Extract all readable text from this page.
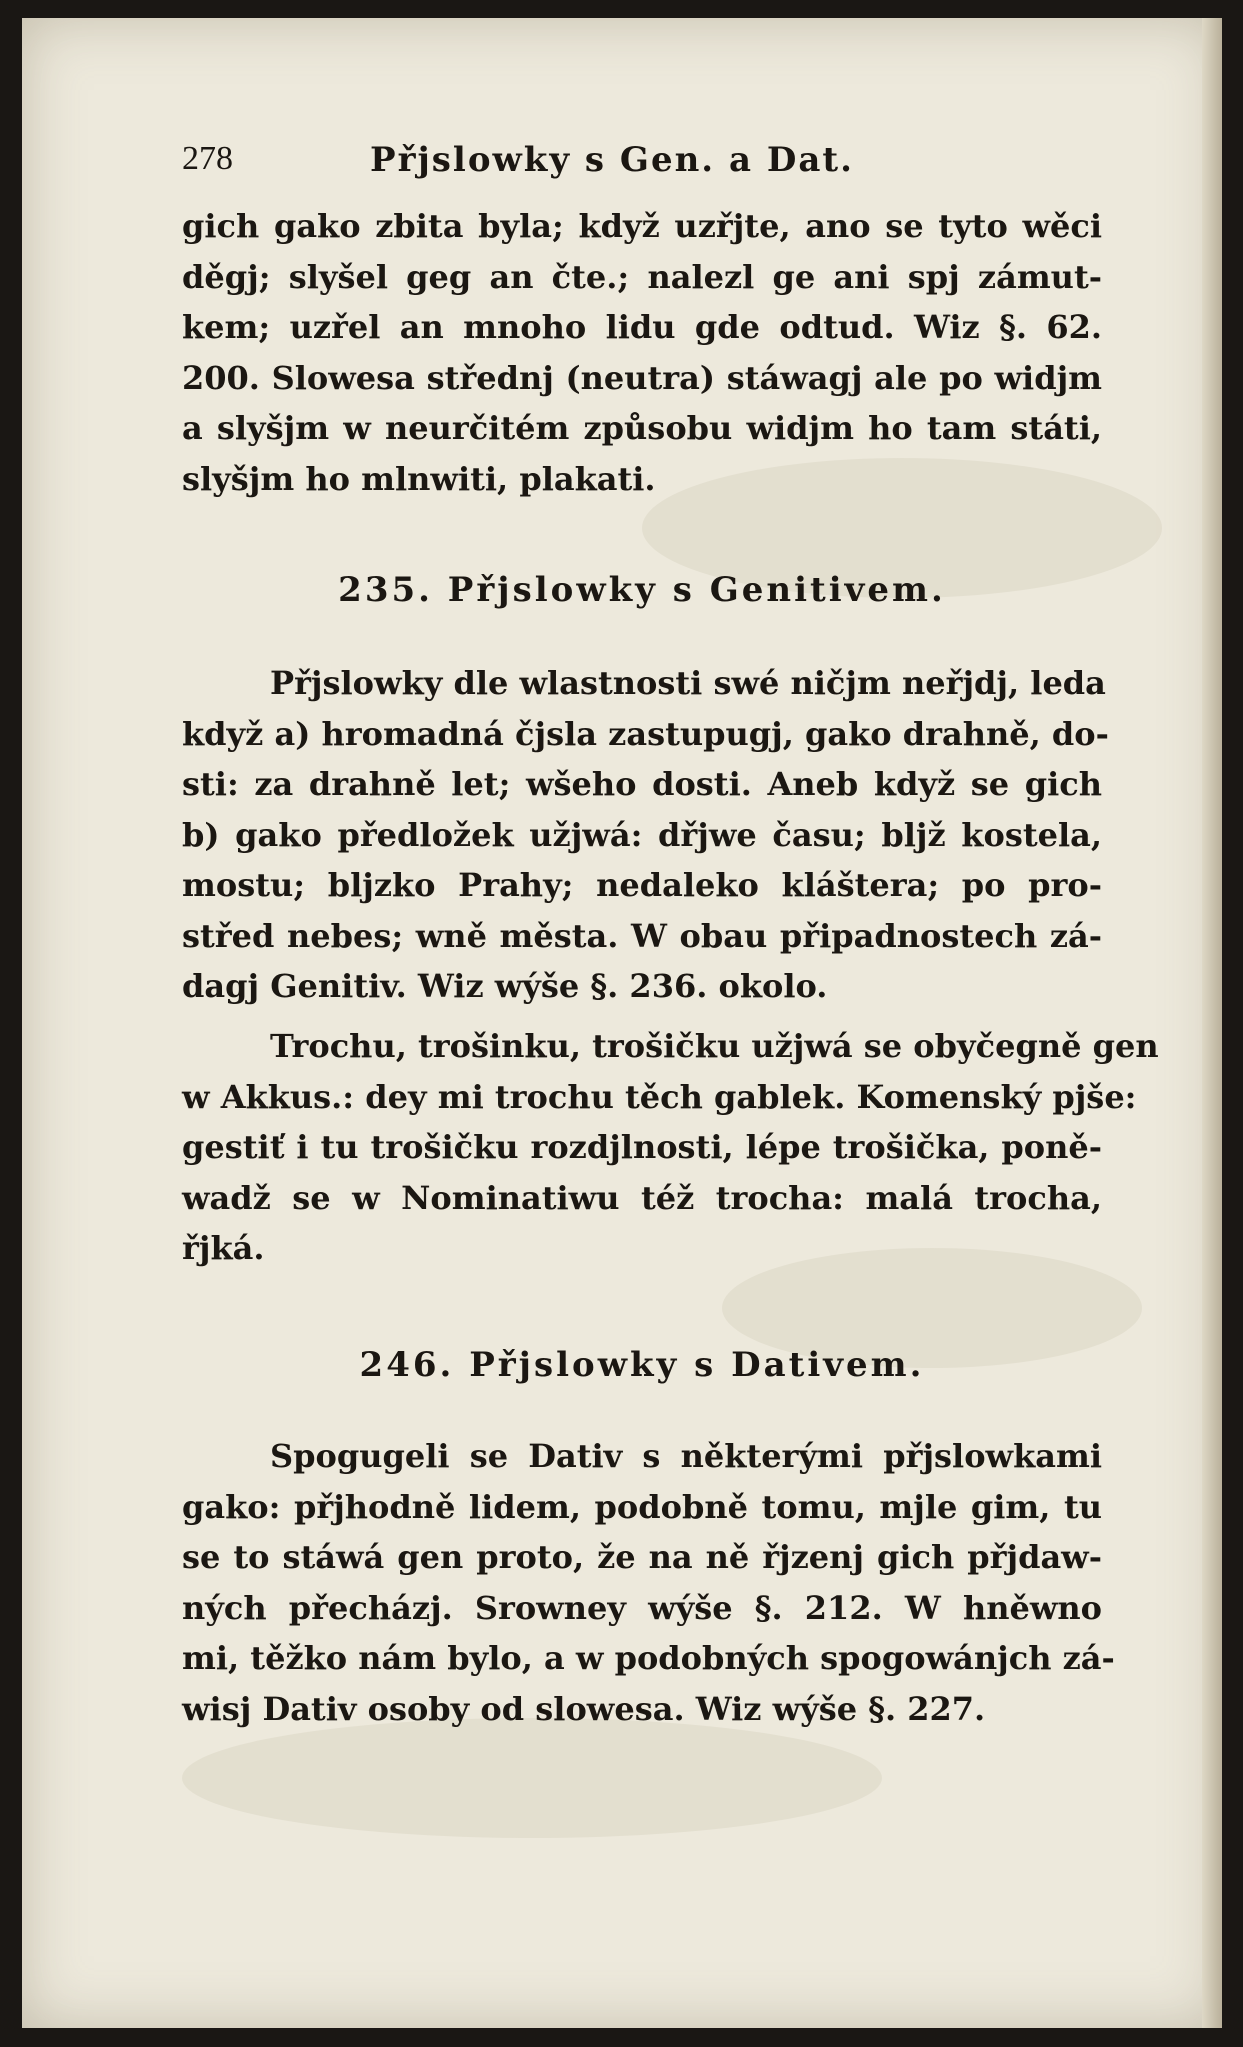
278	Přjslowky s Gen. a Dat.
gich gako zbita byla; když uzřjte, ano se tyto wěci
děgj; slyšel geg an čte.; nalezl ge ani spj zámut-
kem; uzřel an mnoho lidu gde odtud. Wiz §. 62.
200. Slowesa střednj (neutra) stáwagj ale po widjm
a slyšjm w neurčitém způsobu widjm ho tam státi,
slyšjm ho mlnwiti, plakati.
235. Přjslowky s Genitivem.
Přjslowky dle wlastnosti swé ničjm neřjdj, leda
když a) hromadná čjsla zastupugj, gako drahně, do-
sti: za drahně let; wšeho dosti. Aneb když se gich
b) gako předložek užjwá: dřjwe času; bljž kostela,
mostu; bljzko Prahy; nedaleko kláštera; po pro-
střed nebes; wně města. W obau připadnostech zá-
dagj Genitiv. Wiz wýše §. 236. okolo.
Trochu, trošinku, trošičku užjwá se obyčegně gen
w Akkus.: dey mi trochu těch gablek. Komenský pjše:
gestiť i tu trošičku rozdjlnosti, lépe trošička, poně-
wadž se w Nominatiwu též trocha: malá trocha,
řjká.
246. Přjslowky s Dativem.
Spogugeli se Dativ s některými přjslowkami
gako: přjhodně lidem, podobně tomu, mjle gim, tu
se to stáwá gen proto, že na ně řjzenj gich přjdaw-
ných přecházj. Srowney wýše §. 212. W hněwno
mi, těžko nám bylo, a w podobných spogowánjch zá-
wisj Dativ osoby od slowesa. Wiz wýše §. 227.
